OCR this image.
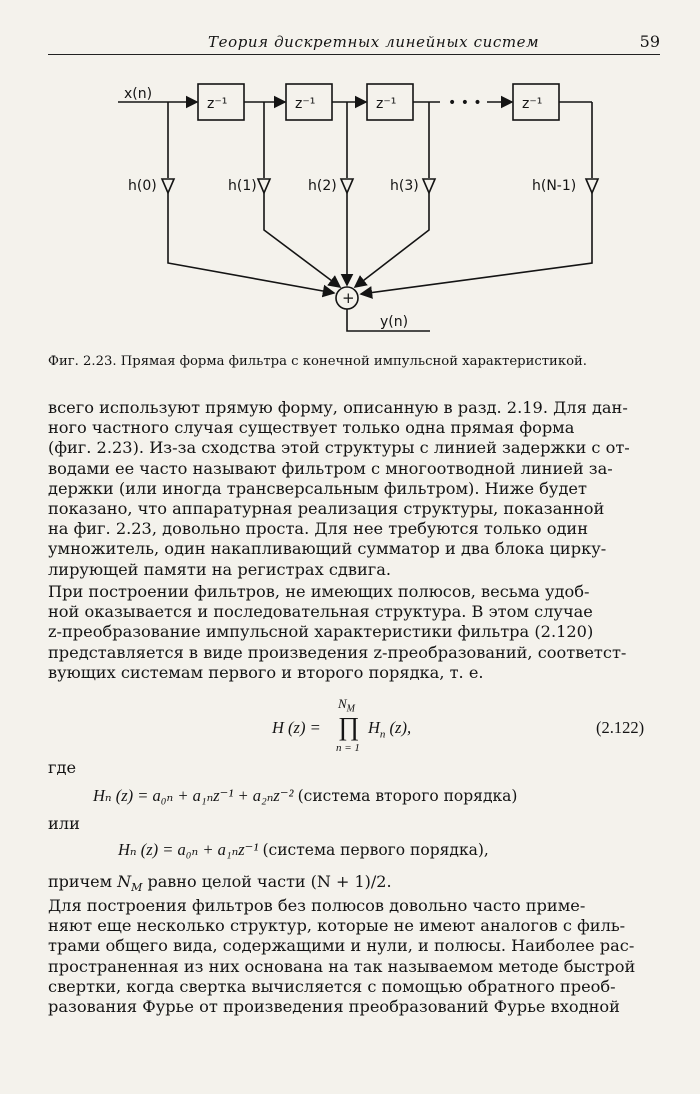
Теория дискретных линейных систем	59
x(n)
z⁻¹	z⁻¹	z⁻¹	z⁻¹
• • •
h(0)	h(1)	h(2)	h(3)	h(N-1)
+
y(n)
Фиг. 2.23. Прямая форма фильтра с конечной импульсной характеристикой.
всего используют прямую форму, описанную в разд. 2.19. Для дан-
ного частного случая существует только одна прямая форма
(фиг. 2.23). Из-за сходства этой структуры с линией задержки с от-
водами ее часто называют фильтром с многоотводной линией за-
держки (или иногда трансверсальным фильтром). Ниже будет
показано, что аппаратурная реализация структуры, показанной
на фиг. 2.23, довольно проста. Для нее требуются только один
умножитель, один накапливающий сумматор и два блока цирку-
лирующей памяти на регистрах сдвига.
При построении фильтров, не имеющих полюсов, весьма удоб-
ной оказывается и последовательная структура. В этом случае
z-преобразование импульсной характеристики фильтра (2.120)
представляется в виде произведения z-преобразований, соответст-
вующих системам первого и второго порядка, т. е.
H (z) =
$N_M$
∏
n = 1
$H_n$ (z),	(2.122)
где
Hₙ (z) = a₀ₙ + a₁ₙz⁻¹ + a₂ₙz⁻² (система второго порядка)
или
Hₙ (z) = a₀ₙ + a₁ₙz⁻¹ (система первого порядка),
причем $N_M$ равно целой части (N + 1)/2.
Для построения фильтров без полюсов довольно часто приме-
няют еще несколько структур, которые не имеют аналогов с филь-
трами общего вида, содержащими и нули, и полюсы. Наиболее рас-
пространенная из них основана на так называемом методе быстрой
свертки, когда свертка вычисляется с помощью обратного преоб-
разования Фурье от произведения преобразований Фурье входной
